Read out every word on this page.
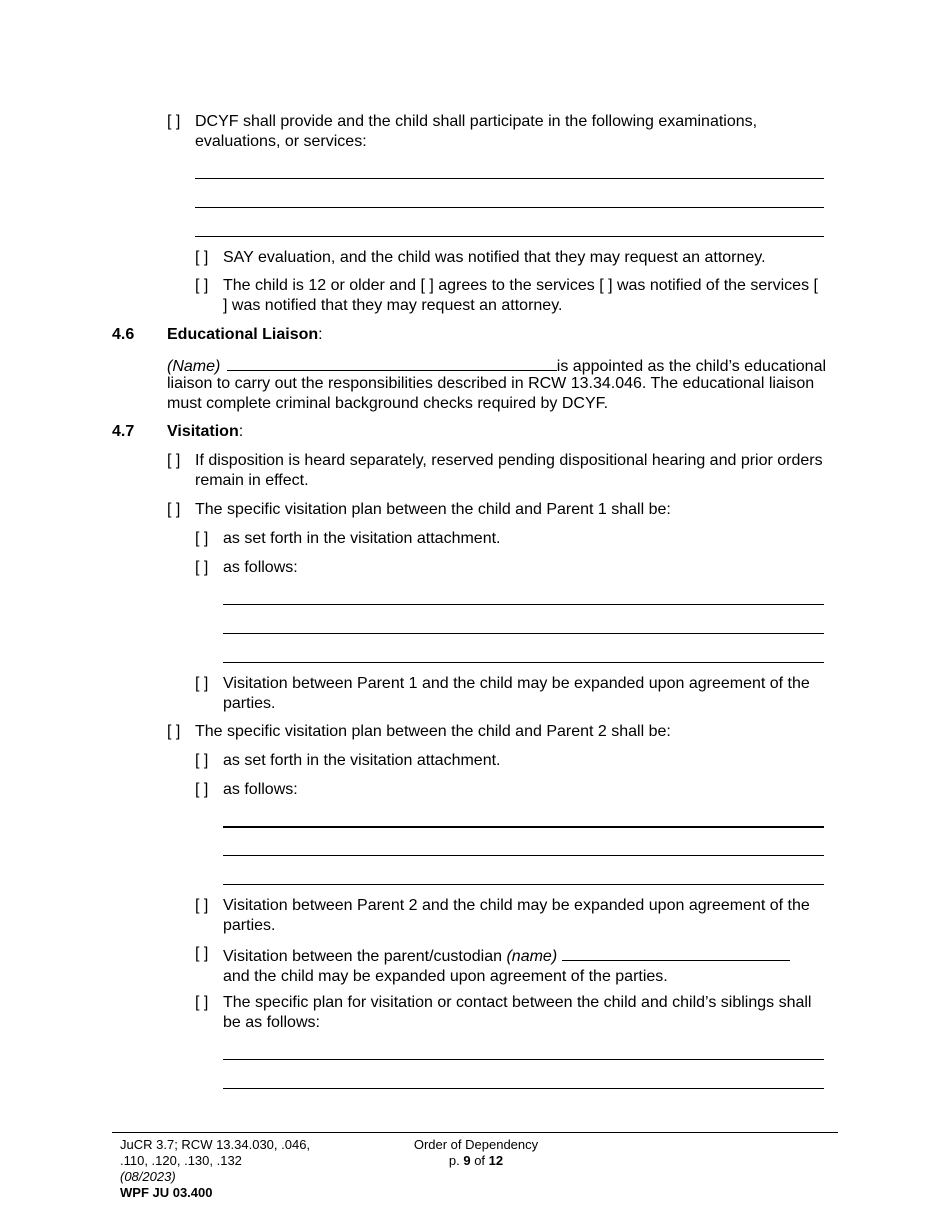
[ ] DCYF shall provide and the child shall participate in the following examinations, evaluations, or services:
[ ] SAY evaluation, and the child was notified that they may request an attorney.
[ ] The child is 12 or older and [ ] agrees to the services [ ] was notified of the services [ ] was notified that they may request an attorney.
4.6 Educational Liaison:
(Name)	is appointed as the child’s educational
liaison to carry out the responsibilities described in RCW 13.34.046. The educational liaison must complete criminal background checks required by DCYF.
4.7 Visitation:
[ ] If disposition is heard separately, reserved pending dispositional hearing and prior orders remain in effect.
[ ] The specific visitation plan between the child and Parent 1 shall be:
[ ] as set forth in the visitation attachment.
[ ] as follows:
[ ] Visitation between Parent 1 and the child may be expanded upon agreement of the parties.
[ ] The specific visitation plan between the child and Parent 2 shall be:
[ ] as set forth in the visitation attachment.
[ ] as follows:
[ ] Visitation between Parent 2 and the child may be expanded upon agreement of the parties.
[ ] Visitation between the parent/custodian (name)
and the child may be expanded upon agreement of the parties.
[ ] The specific plan for visitation or contact between the child and child’s siblings shall be as follows:
JuCR 3.7; RCW 13.34.030, .046,
.110, .120, .130, .132
(08/2023)
WPF JU 03.400
Order of Dependency
p. 9 of 12
